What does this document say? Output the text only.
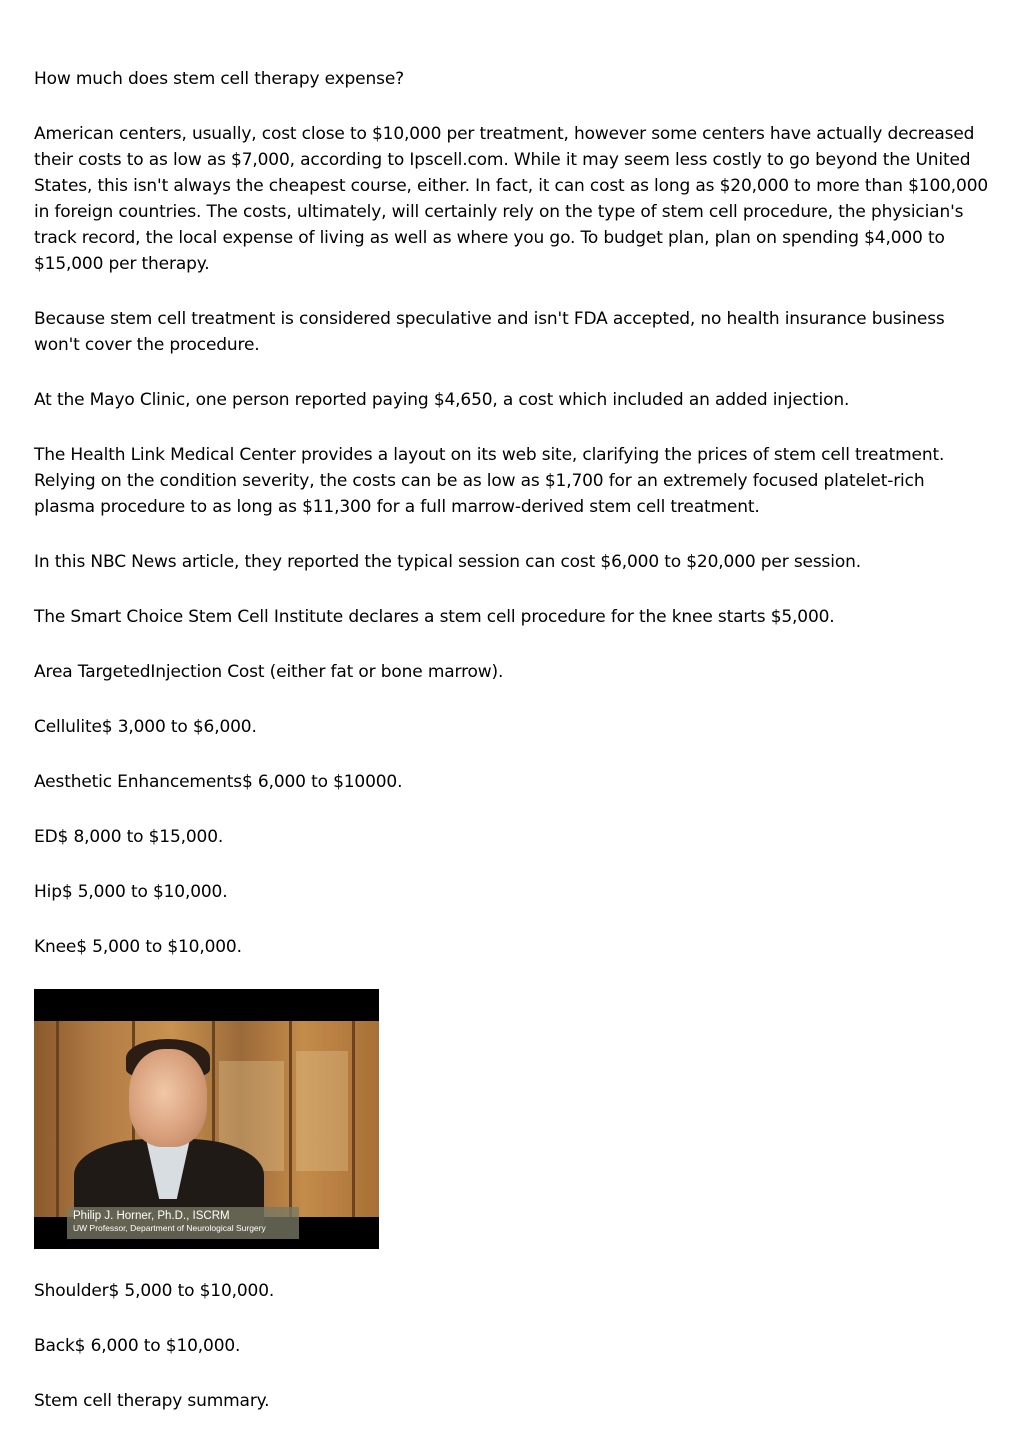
How much does stem cell therapy expense?

American centers, usually, cost close to $10,000 per treatment, however some centers have actually decreased their costs to as low as $7,000, according to Ipscell.com. While it may seem less costly to go beyond the United States, this isn't always the cheapest course, either. In fact, it can cost as long as $20,000 to more than $100,000 in foreign countries. The costs, ultimately, will certainly rely on the type of stem cell procedure, the physician's track record, the local expense of living as well as where you go. To budget plan, plan on spending $4,000 to $15,000 per therapy.

Because stem cell treatment is considered speculative and isn't FDA accepted, no health insurance business won't cover the procedure.

At the Mayo Clinic, one person reported paying $4,650, a cost which included an added injection.

The Health Link Medical Center provides a layout on its web site, clarifying the prices of stem cell treatment. Relying on the condition severity, the costs can be as low as $1,700 for an extremely focused platelet-rich plasma procedure to as long as $11,300 for a full marrow-derived stem cell treatment.

In this NBC News article, they reported the typical session can cost $6,000 to $20,000 per session.

The Smart Choice Stem Cell Institute declares a stem cell procedure for the knee starts $5,000.

Area TargetedInjection Cost (either fat or bone marrow).

Cellulite$ 3,000 to $6,000.

Aesthetic Enhancements$ 6,000 to $10000.

ED$ 8,000 to $15,000.

Hip$ 5,000 to $10,000.

Knee$ 5,000 to $10,000.

Philip J. Horner, Ph.D., ISCRM
UW Professor, Department of Neurological Surgery

Shoulder$ 5,000 to $10,000.

Back$ 6,000 to $10,000.

Stem cell therapy summary.
